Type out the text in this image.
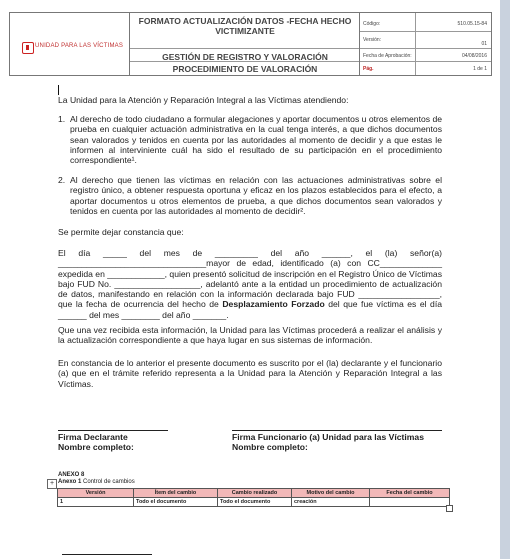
UNIDAD PARA LAS VÍCTIMAS
FORMATO ACTUALIZACIÓN DATOS -FECHA HECHO VICTIMIZANTE
GESTIÓN DE REGISTRO Y VALORACIÓN
PROCEDIMIENTO DE VALORACIÓN
Código:	510.05.15-84
Versión:
01
Fecha de Aprobación:	04/08/2016
Pág.	1 de 1
La Unidad para la Atención y Reparación Integral a las Víctimas atendiendo:
1. Al derecho de todo ciudadano a formular alegaciones y aportar documentos u otros elementos de prueba en cualquier actuación administrativa en la cual tenga interés, a que dichos documentos sean valorados y tenidos en cuenta por las autoridades al momento de decidir y a que estas le informen al interviniente cuál ha sido el resultado de su participación en el procedimiento correspondiente¹.
2. Al derecho que tienen las víctimas en relación con las actuaciones administrativas sobre el registro único, a obtener respuesta oportuna y eficaz en los plazos establecidos para el efecto, a aportar documentos u otros elementos de prueba, a que dichos documentos sean valorados y tenidos en cuenta por las autoridades al momento de decidir².
Se permite dejar constancia que:
El día _____ del mes de _________ del año ______, el (la) señor(a) _______________________________mayor de edad, identificado (a) con CC_____________ expedida en ____________, quien presentó solicitud de inscripción en el Registro Único de Víctimas bajo FUD No. __________________, adelantó ante a la entidad un procedimiento de actualización de datos, manifestando en relación con la información declarada bajo FUD _________________, que la fecha de ocurrencia del hecho de Desplazamiento Forzado del que fue víctima es el día ______ del mes ________ del año _______.
Que una vez recibida esta información, la Unidad para las Víctimas procederá a realizar el análisis y la actualización correspondiente a que haya lugar en sus sistemas de información.
En constancia de lo anterior el presente documento es suscrito por el (la) declarante y el funcionario (a) que en el trámite referido representa a la Unidad para la Atención y Reparación Integral a las Víctimas.
Firma Declarante
Nombre completo:
Firma Funcionario (a) Unidad para las Víctimas
Nombre completo:
ANEXO 8
+ Anexo 1 Control de cambios
Versión	Ítem del cambio	Cambio realizado	Motivo del cambio	Fecha del cambio
1	Todo el documento	Todo el documento	creación	
